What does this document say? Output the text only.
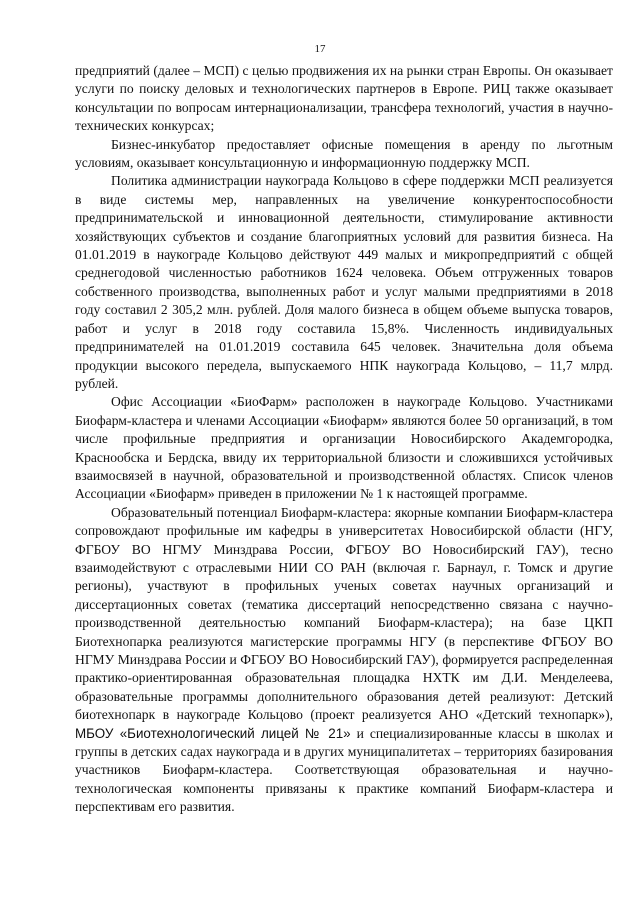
17

предприятий (далее – МСП) с целью продвижения их на рынки стран Европы. Он оказывает услуги по поиску деловых и технологических партнеров в Европе. РИЦ также оказывает консультации по вопросам интернационализации, трансфера технологий, участия в научно-технических конкурсах;

Бизнес-инкубатор предоставляет офисные помещения в аренду по льготным условиям, оказывает консультационную и информационную поддержку МСП.

Политика администрации наукограда Кольцово в сфере поддержки МСП реализуется в виде системы мер, направленных на увеличение конкурентоспособности предпринимательской и инновационной деятельности, стимулирование активности хозяйствующих субъектов и создание благоприятных условий для развития бизнеса. На 01.01.2019 в наукограде Кольцово действуют 449 малых и микропредприятий с общей среднегодовой численностью работников 1624 человека. Объем отгруженных товаров собственного производства, выполненных работ и услуг малыми предприятиями в 2018 году составил 2 305,2 млн. рублей. Доля малого бизнеса в общем объеме выпуска товаров, работ и услуг в 2018 году составила 15,8%. Численность индивидуальных предпринимателей на 01.01.2019 составила 645 человек. Значительна доля объема продукции высокого передела, выпускаемого НПК наукограда Кольцово, – 11,7 млрд. рублей.

Офис Ассоциации «БиоФарм» расположен в наукограде Кольцово. Участниками Биофарм-кластера и членами Ассоциации «Биофарм» являются более 50 организаций, в том числе профильные предприятия и организации Новосибирского Академгородка, Краснообска и Бердска, ввиду их территориальной близости и сложившихся устойчивых взаимосвязей в научной, образовательной и производственной областях. Список членов Ассоциации «Биофарм» приведен в приложении № 1 к настоящей программе.

Образовательный потенциал Биофарм-кластера: якорные компании Биофарм-кластера сопровождают профильные им кафедры в университетах Новосибирской области (НГУ, ФГБОУ ВО НГМУ Минздрава России, ФГБОУ ВО Новосибирский ГАУ), тесно взаимодействуют с отраслевыми НИИ СО РАН (включая г. Барнаул, г. Томск и другие регионы), участвуют в профильных ученых советах научных организаций и диссертационных советах (тематика диссертаций непосредственно связана с научно-производственной деятельностью компаний Биофарм-кластера); на базе ЦКП Биотехнопарка реализуются магистерские программы НГУ (в перспективе ФГБОУ ВО НГМУ Минздрава России и ФГБОУ ВО Новосибирский ГАУ), формируется распределенная практико-ориентированная образовательная площадка НХТК им Д.И. Менделеева, образовательные программы дополнительного образования детей реализуют: Детский биотехнопарк в наукограде Кольцово (проект реализуется АНО «Детский технопарк»), МБОУ «Биотехнологический лицей № 21» и специализированные классы в школах и группы в детских садах наукограда и в других муниципалитетах – территориях базирования участников Биофарм-кластера. Соответствующая образовательная и научно-технологическая компоненты привязаны к практике компаний Биофарм-кластера и перспективам его развития.
